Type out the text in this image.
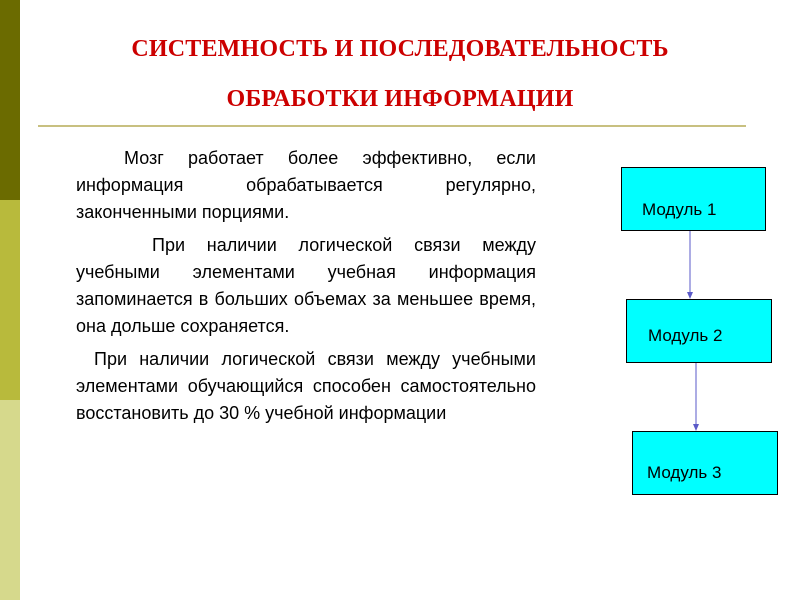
СИСТЕМНОСТЬ И ПОСЛЕДОВАТЕЛЬНОСТЬ
ОБРАБОТКИ ИНФОРМАЦИИ

Мозг работает более эффективно, если информация обрабатывается регулярно, законченными порциями.

При наличии логической связи между учебными элементами учебная информация запоминается в больших объемах за меньшее время, она дольше сохраняется.

При наличии логической связи между учебными элементами обучающийся способен самостоятельно восстановить до 30 % учебной информации

Модуль 1
Модуль 2
Модуль 3
